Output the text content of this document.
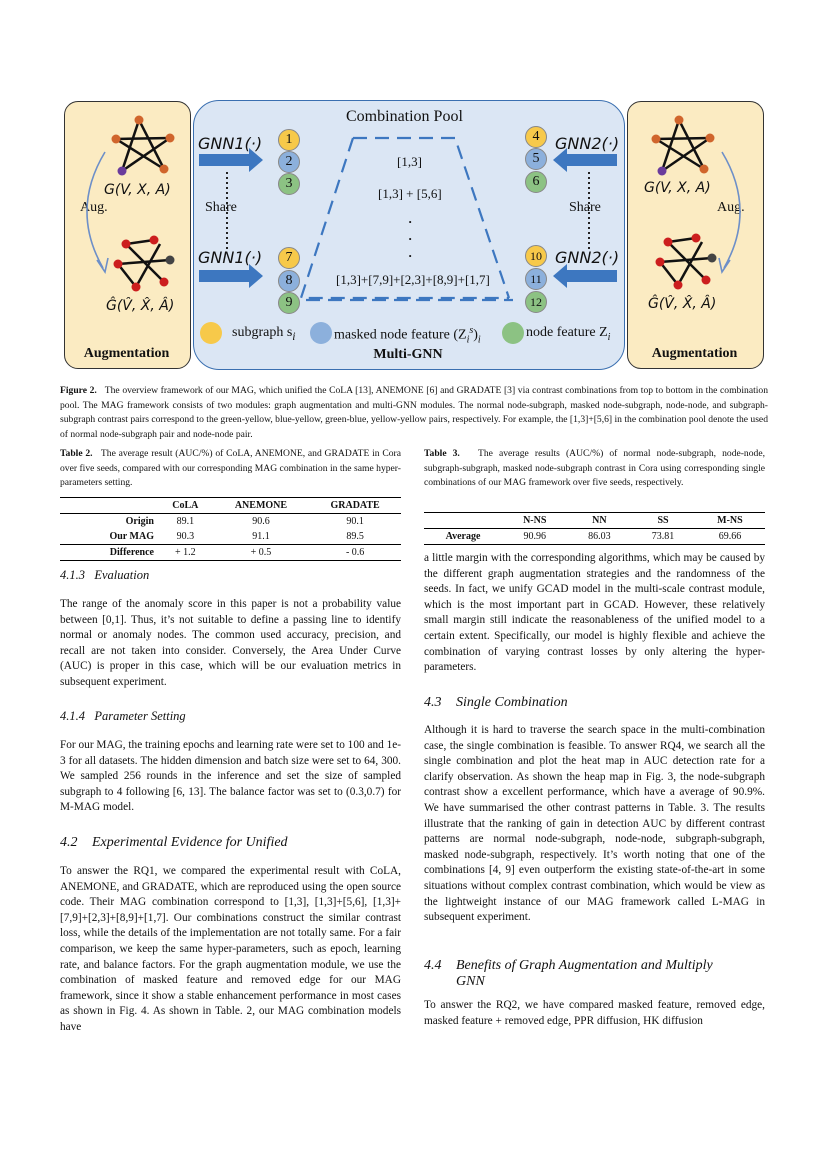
Augmentation	Multi-GNN	Augmentation
G(V, X, A)
Aug.
Ĝ(V̂, X̂, Â)
G(V, X, A)
Aug.
Ĝ(V̂, X̂, Â)
GNN1(·)
GNN1(·)
GNN2(·)
GNN2(·)
Share	Share
Combination Pool
1
2
3
7
8
9
4
5
6
10
11
12
[1,3]
[1,3] + [5,6]
·
·
·
[1,3]+[7,9]+[2,3]+[8,9]+[1,7]
subgraph $s_i$	masked node feature $(Z_i^s)_i$	node feature $Z_i$
Figure 2. The overview framework of our MAG, which unified the CoLA [13], ANEMONE [6] and GRADATE [3] via contrast combinations from top to bottom in the combination pool. The MAG framework consists of two modules: graph augmentation and multi-GNN modules. The normal node-subgraph, masked node-subgraph, node-node, and subgraph-subgraph contrast pairs correspond to the green-yellow, blue-yellow, green-blue, yellow-yellow pairs, respectively. For example, the [1,3]+[5,6] in the combination pool denote the used of normal node-subgraph pair and node-node pair.
Table 2. The average result (AUC/%) of CoLA, ANEMONE, and GRADATE in Cora over five seeds, compared with our corresponding MAG combination in the same hyper-parameters setting.
	CoLA	ANEMONE	GRADATE
Origin	89.1	90.6	90.1
Our MAG	90.3	91.1	89.5
Difference	+ 1.2	+ 0.5	- 0.6
Table 3. The average results (AUC/%) of normal node-subgraph, node-node, subgraph-subgraph, masked node-subgraph contrast in Cora using corresponding single combinations of our MAG framework over five seeds, respectively.
	N-NS	NN	SS	M-NS
Average	90.96	86.03	73.81	69.66
4.1.3   Evaluation
The range of the anomaly score in this paper is not a probability value between [0,1]. Thus, it’s not suitable to define a passing line to identify normal or anomaly nodes. The common used accuracy, precision, and recall are not taken into consider. Conversely, the Area Under Curve (AUC) is proper in this case, which will be our evaluation metrics in subsequent experiment.
4.1.4   Parameter Setting
For our MAG, the training epochs and learning rate were set to 100 and 1e-3 for all datasets. The hidden dimension and batch size were set to 64, 300. We sampled 256 rounds in the inference and set the size of sampled subgraph to 4 following [6, 13]. The balance factor was set to (0.3,0.7) for M-MAG model.
4.2 Experimental Evidence for Unified
To answer the RQ1, we compared the experimental result with CoLA, ANEMONE, and GRADATE, which are reproduced using the open source code. Their MAG combination correspond to [1,3], [1,3]+[5,6], [1,3]+[7,9]+[2,3]+[8,9]+[1,7]. Our combinations construct the similar contrast loss, while the details of the implementation are not totally same. For a fair comparison, we keep the same hyper-parameters, such as epoch, learning rate, and balance factors. For the graph augmentation module, we use the combination of masked feature and removed edge for our MAG framework, since it show a stable enhancement performance in most cases as shown in Fig. 4. As shown in Table. 2, our MAG combination models have
a little margin with the corresponding algorithms, which may be caused by the different graph augmentation strategies and the randomness of the seeds. In fact, we unify GCAD model in the multi-scale contrast module, which is the most important part in GCAD. However, these relatively small margin still indicate the reasonableness of the unified model to a certain extent. Specifically, our model is highly flexible and achieve the combination of varying contrast losses by only altering the hyper-parameters.
4.3 Single Combination
Although it is hard to traverse the search space in the multi-combination case, the single combination is feasible. To answer RQ4, we search all the single combination and plot the heat map in AUC detection rate for a clarify observation. As shown the heap map in Fig. 3, the node-subgraph contrast show a excellent performance, which have a average of 90.9%. We have summarised the other contrast patterns in Table. 3. The results illustrate that the ranking of gain in detection AUC by different contrast patterns are normal node-subgraph, node-node, subgraph-subgraph, masked node-subgraph, respectively. It’s worth noting that one of the combinations [4, 9] even outperform the existing state-of-the-art in some situations without complex contrast combination, which would be view as the lightweight instance of our MAG framework called L-MAG in subsequent experiment.
4.4 Benefits of Graph Augmentation and Multiply
GNN
To answer the RQ2, we have compared masked feature, removed edge, masked feature + removed edge, PPR diffusion, HK diffusion
